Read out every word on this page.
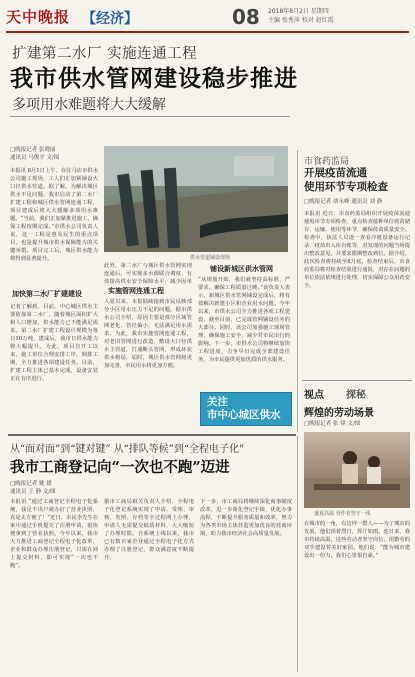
天中晚报 【经济】	08 2018年8月2日 星期四
主编 张秀萍 校对 赵红霞
扩建第二水厂 实施连通工程
我市供水管网建设稳步推进
多项用水难题将大大缓解
□晚报记者 张晓丽
通讯员 马俊平 文/图
本报讯 8月1日上午，在驻马店市供水公司施工现场，工人们正加紧铺设大口径供水管道。据了解，为解决城区供水不足问题，我市启动了第二水厂扩建工程和城区供水管网连通工程，项目建成后将大大缓解多项用水难题。“当前，我们正加紧推进施工，确保工程按期完成。”市供水公司负责人说，这一工程是惠及民生的重点项目，也是提升城市供水保障能力的关键举措。项目完工后，城区供水能力将得到显著提升。
加快第二水厂扩建建设
记者了解到，目前，中心城区供水主要依靠第二水厂，随着城区面积扩大和人口增加，供水能力已不能满足需求。第二水厂扩建工程设计规模为每日10万吨，建成后，我市日供水能力将大幅提升。为此，项目自开工以来，施工单位合理安排工序，倒排工期，全力推进各项建设任务。目前，扩建工程主体已基本完成，设备安装正在有序进行。
供水管道铺设现场
此外，第二水厂与城区供水管网实现连通后，可实现多水源联合调度，有效提高供水安全保障水平，减少因单
实施管网连通工程
入夏以来，本报陆续接到市民反映部分小区用水压力不足的问题。据市供水公司介绍，原因主要是部分区域管网老化、管径偏小，无法满足用水需求。为此，我市实施管网连通工程，对老旧管网进行改造，敷设大口径供水主管道，打通断头管网，形成环状供水格局，届时，城区供水管网将更加完善，市民用水将更加方便。
铺设新城区供水管网
“从规划开始，我们就坚持高标准、严要求，确保工程质量过硬。”该负责人表示，新城区供水管网铺设完成后，将有效解决新建小区和企业用水问题。今年以来，市供水公司全力推进各项工程建设，截至目前，已完成管网铺设任务的大部分。同时，该公司加强施工现场管理，确保施工安全，减少对市民出行的影响。下一步，市供水公司将继续加快工程进度，力争早日完成全部建设任务，为市民提供更加优质的供水服务。
关注
市中心城区供水
市食药监局
开展疫苗流通
使用环节专项检查
□晚报记者 胡永峰 通讯员 刘 静
本报讯 近日，市食药监局组织开展疫苗流通使用环节专项检查，重点检查接种单位疫苗储存、运输、使用等环节，确保疫苗质量安全。检查中，执法人员逐一查看冷链设备运行记录、疫苗出入库台账等，对发现的问题当场提出整改意见，并要求限期整改到位。据介绍，此次检查将持续至8月底，检查结束后，市食药监局将对检查结果进行通报，对存在问题的单位依法依规进行处理，切实保障公众用药安全。
视点 探秘
辉煌的劳动场景
□晚报记者 张 锋 文/图
盛夏高温 劳作者坚守一线
在城市的一角，有这样一群人——为了城市的发展，他们顶着烈日，挥汗如雨。连日来，我市持续高温，这些劳动者坚守岗位，用勤劳的双手建设着美好家园。他们说：“能为城市建设出一份力，我们心里很自豪。”
从“面对面”到“键对键” 从“排队等候”到“全程电子化”
我市工商登记向“一次也不跑”迈进
□晚报记者 姚 媛
通讯员 王 静 文/图
本报讯 “通过工商登记全程电子化系统，我足不出户就办好了营业执照，真是太方便了！”近日，市民李先生在家中通过手机提交了注册申请，很快便拿到了营业执照。今年以来，我市大力推进工商登记全程电子化改革，企业和群众办理注册登记，只需在网上提交材料，即可实现“一次也不跑”。
据市工商局相关负责人介绍，全程电子化登记系统实现了申请、受理、审核、发照、存档等全过程网上办理，申请人无需提交纸质材料，大大缩短了办理时限。自系统上线以来，我市已有数百家企业通过全程电子化方式办理了注册登记，群众满意度不断提升。
下一步，市工商局将继续深化商事制度改革，进一步简化登记手续、优化办事流程，不断提升服务质量和效率，努力为各类市场主体营造更加优良的营商环境，助力我市经济社会高质量发展。
